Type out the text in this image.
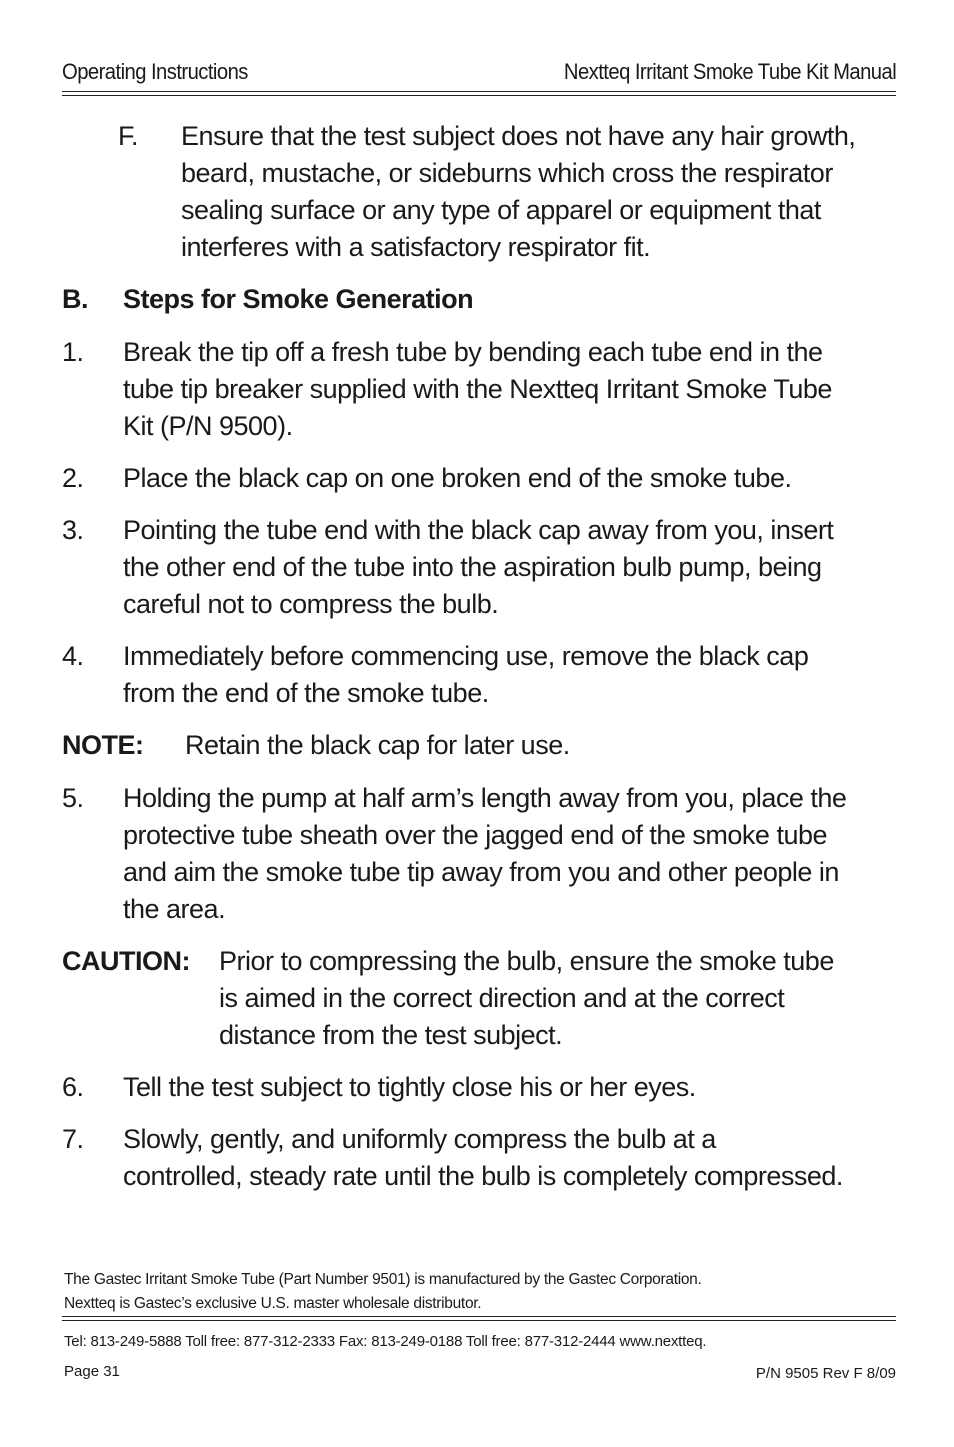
Operating Instructions	Nextteq Irritant Smoke Tube Kit Manual
F. Ensure that the test subject does not have any hair growth,
beard, mustache, or sideburns which cross the respirator
sealing surface or any type of apparel or equipment that
interferes with a satisfactory respirator fit.
B. Steps for Smoke Generation
1. Break the tip off a fresh tube by bending each tube end in the
tube tip breaker supplied with the Nextteq Irritant Smoke Tube
Kit (P/N 9500).
2. Place the black cap on one broken end of the smoke tube.
3. Pointing the tube end with the black cap away from you, insert
the other end of the tube into the aspiration bulb pump, being
careful not to compress the bulb.
4. Immediately before commencing use, remove the black cap
from the end of the smoke tube.
NOTE: Retain the black cap for later use.
5. Holding the pump at half arm’s length away from you, place the
protective tube sheath over the jagged end of the smoke tube
and aim the smoke tube tip away from you and other people in
the area.
CAUTION: Prior to compressing the bulb, ensure the smoke tube
is aimed in the correct direction and at the correct
distance from the test subject.
6. Tell the test subject to tightly close his or her eyes.
7. Slowly, gently, and uniformly compress the bulb at a
controlled, steady rate until the bulb is completely compressed.
The Gastec Irritant Smoke Tube (Part Number 9501) is manufactured by the Gastec Corporation.
Nextteq is Gastec’s exclusive U.S. master wholesale distributor.
Tel: 813-249-5888 Toll free: 877-312-2333 Fax: 813-249-0188 Toll free: 877-312-2444 www.nextteq.
Page 31	P/N 9505 Rev F 8/09
